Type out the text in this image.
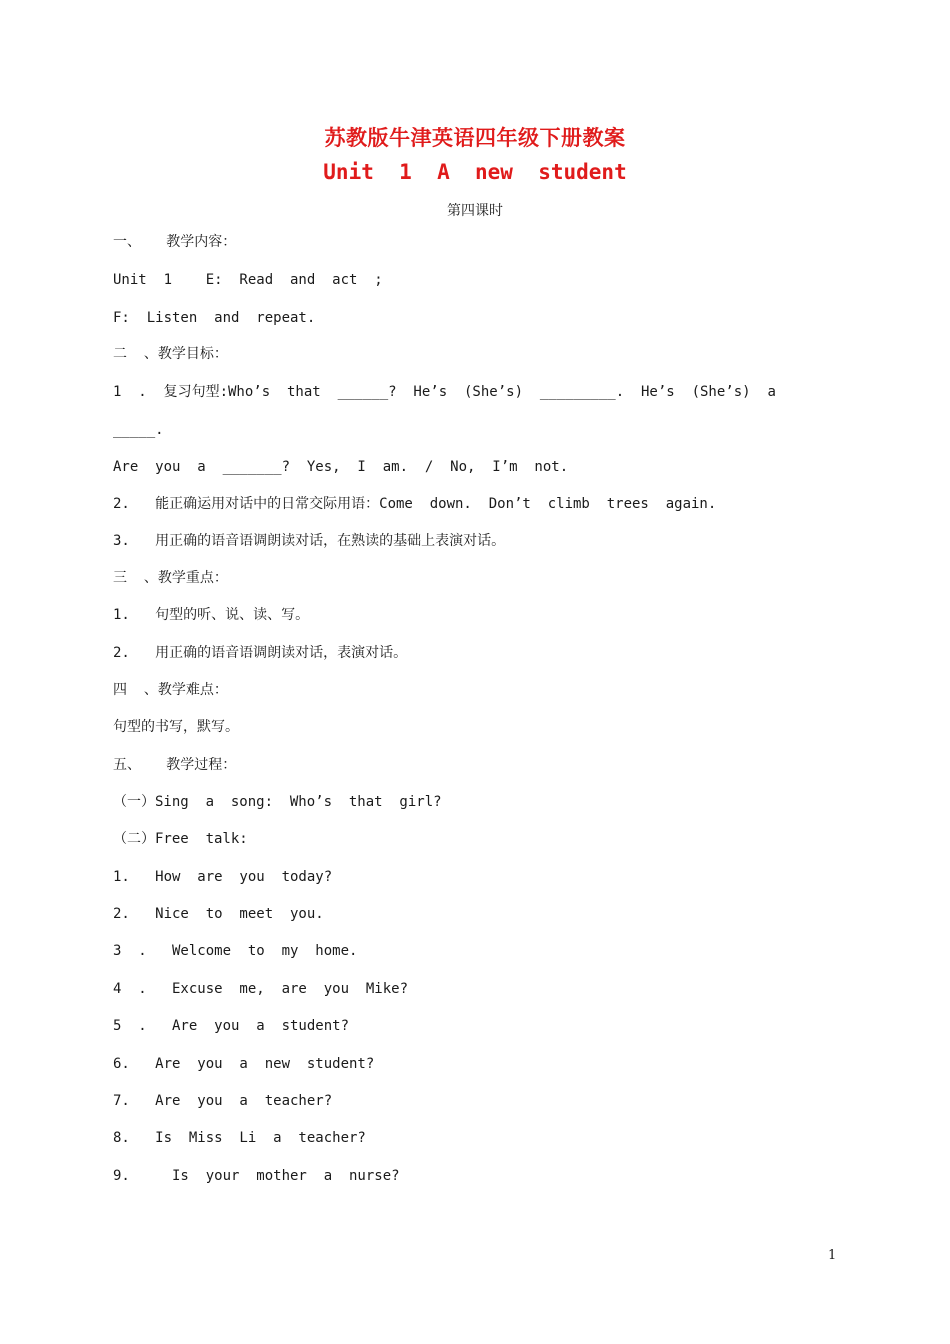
苏教版牛津英语四年级下册教案
Unit  1  A  new  student
第四课时
一、   教学内容：
Unit  1    E:  Read  and  act  ;
F:  Listen  and  repeat.
二  、教学目标：
1  .  复习句型:Who’s  that  ______?  He’s  (She’s)  _________.  He’s  (She’s)  a
_____.
Are  you  a  _______?  Yes,  I  am.  /  No,  I’m  not.
2.   能正确运用对话中的日常交际用语：Come  down.  Don’t  climb  trees  again.
3.   用正确的语音语调朗读对话，在熟读的基础上表演对话。
三  、教学重点：
1.   句型的听、说、读、写。
2.   用正确的语音语调朗读对话，表演对话。
四  、教学难点：
句型的书写，默写。
五、   教学过程：
（一）Sing  a  song:  Who’s  that  girl?
（二）Free  talk:
1.   How  are  you  today?
2.   Nice  to  meet  you.
3  .   Welcome  to  my  home.
4  .   Excuse  me,  are  you  Mike?
5  .   Are  you  a  student?
6.   Are  you  a  new  student?
7.   Are  you  a  teacher?
8.   Is  Miss  Li  a  teacher?
9.     Is  your  mother  a  nurse?
1
